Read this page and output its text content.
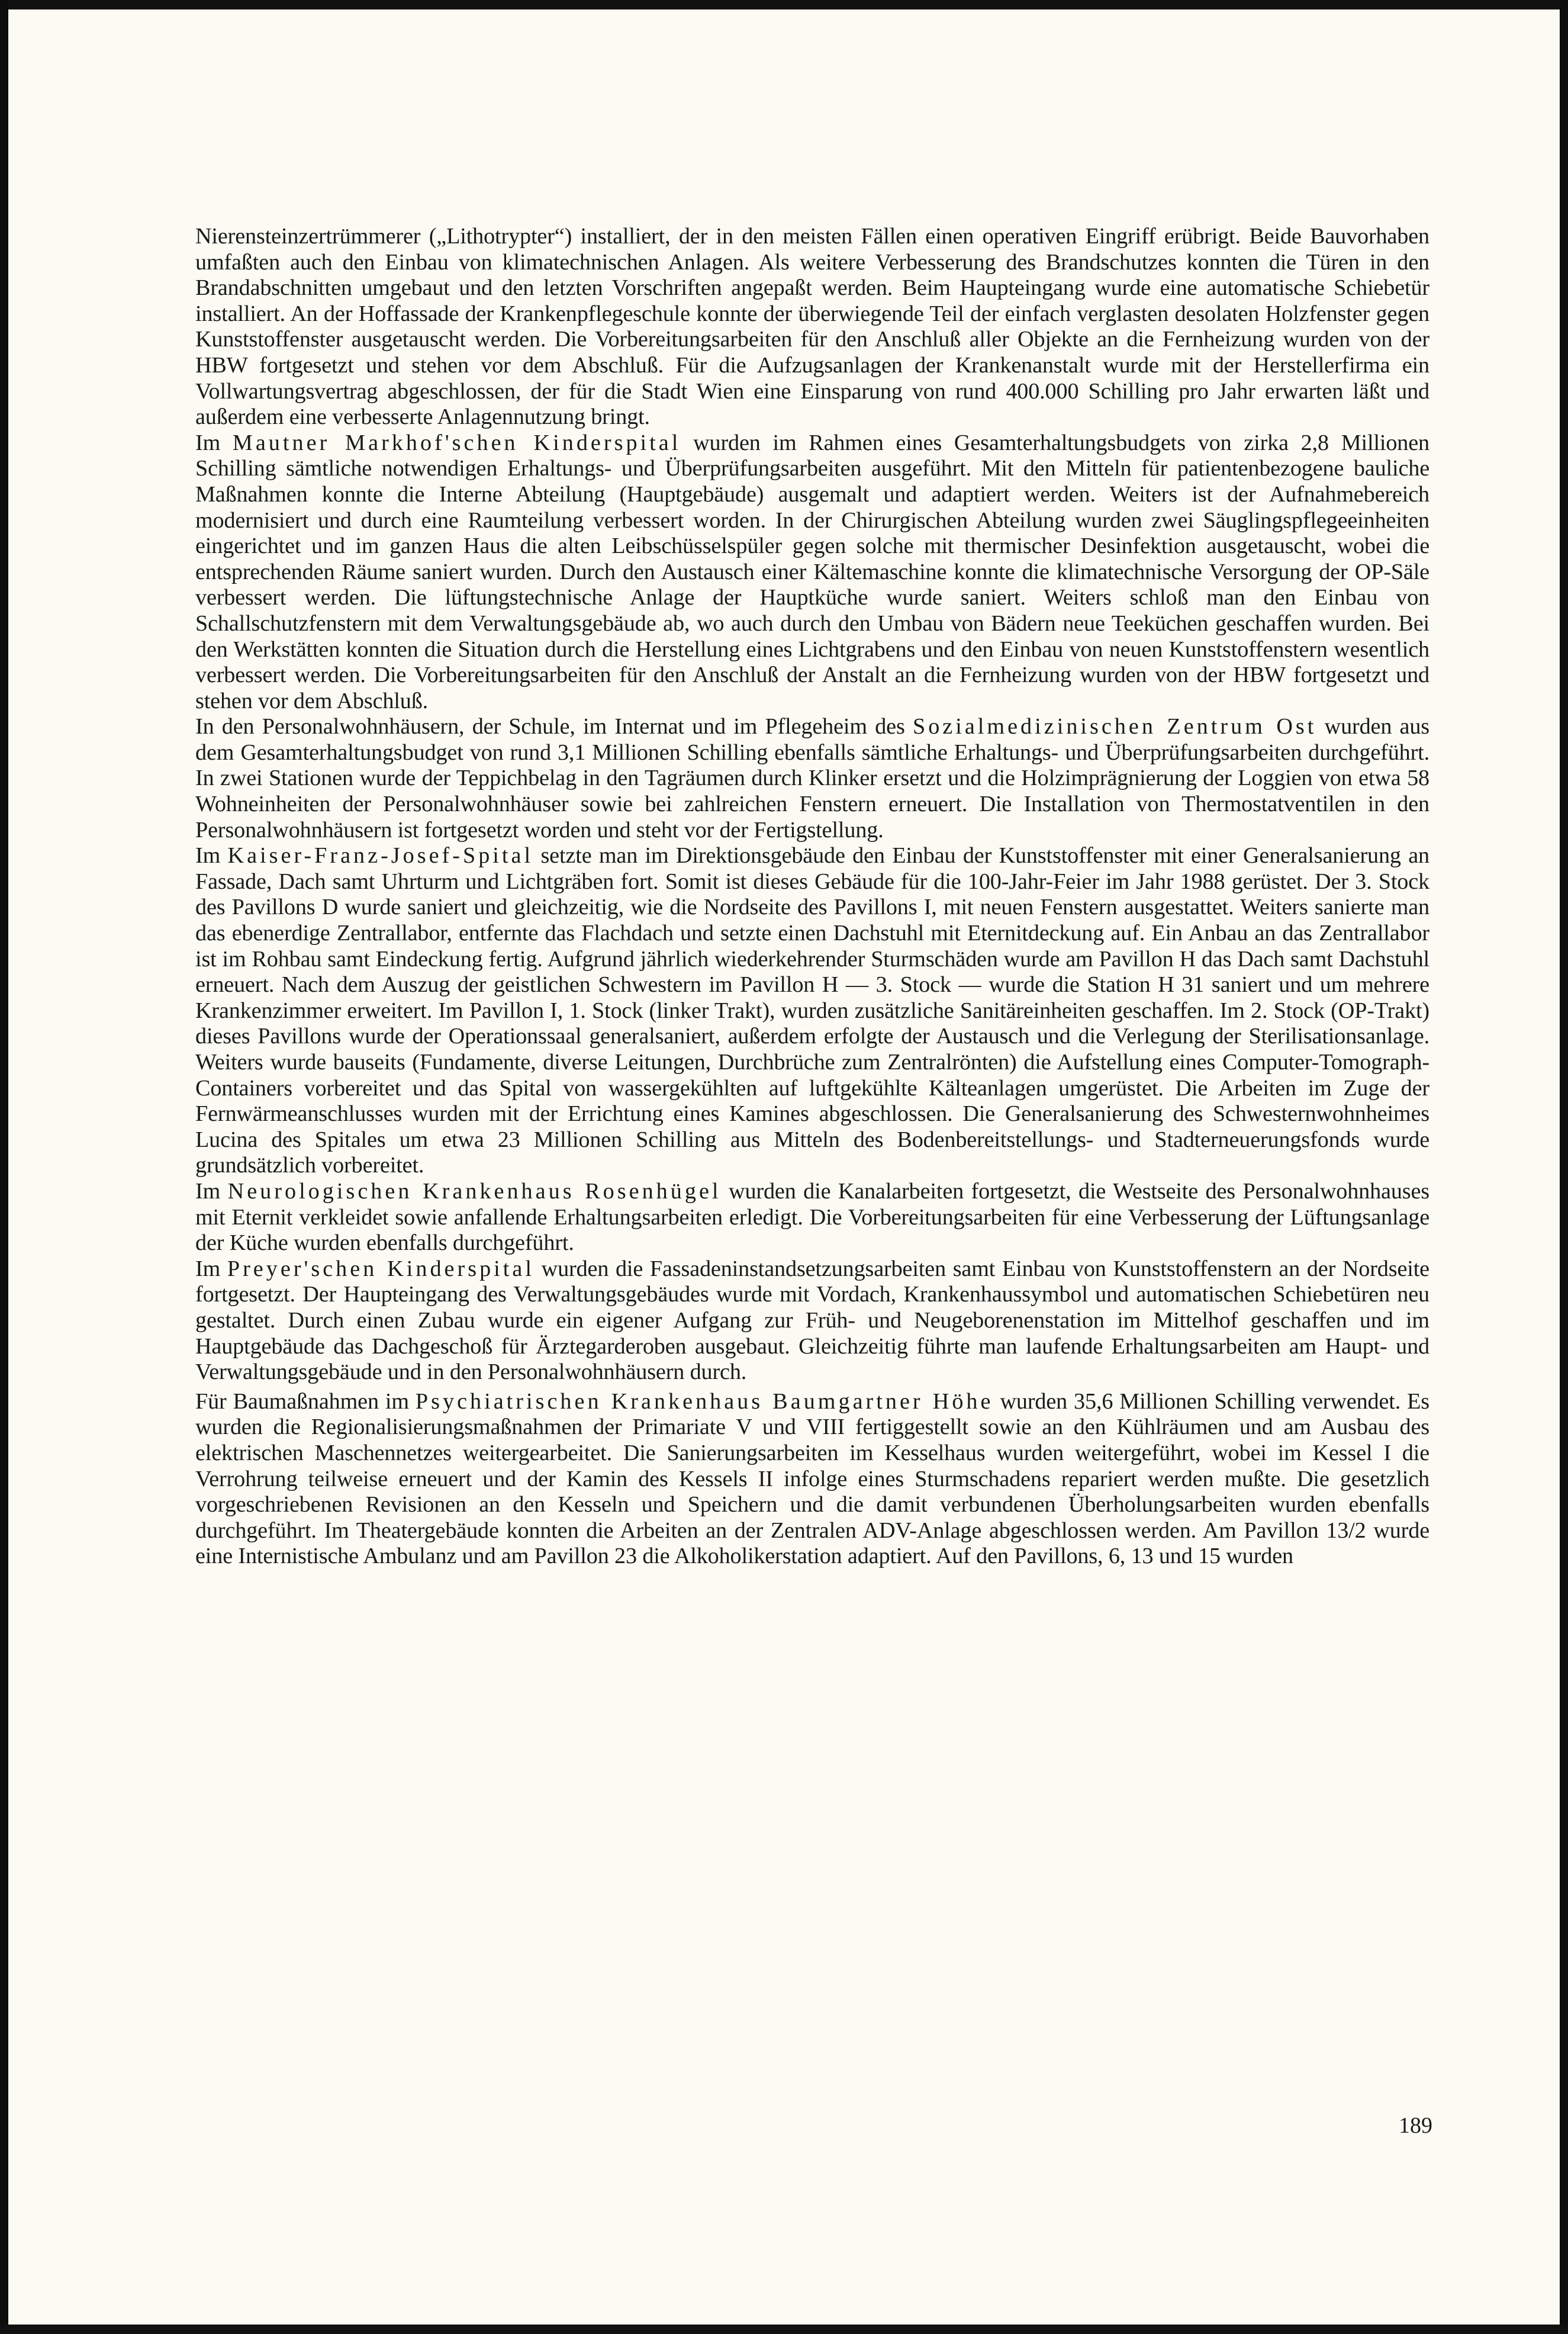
Nierensteinzertrümmerer („Lithotrypter“) installiert, der in den meisten Fällen einen operativen Eingriff erübrigt. Beide Bauvorhaben umfaßten auch den Einbau von klimatechnischen Anlagen. Als weitere Verbesserung des Brandschutzes konnten die Türen in den Brandabschnitten umgebaut und den letzten Vorschriften angepaßt werden. Beim Haupteingang wurde eine automatische Schiebetür installiert. An der Hoffassade der Krankenpflegeschule konnte der überwiegende Teil der einfach verglasten desolaten Holzfenster gegen Kunststoffenster ausgetauscht werden. Die Vorbereitungsarbeiten für den Anschluß aller Objekte an die Fernheizung wurden von der HBW fortgesetzt und stehen vor dem Abschluß. Für die Aufzugsanlagen der Krankenanstalt wurde mit der Herstellerfirma ein Vollwartungsvertrag abgeschlossen, der für die Stadt Wien eine Einsparung von rund 400.000 Schilling pro Jahr erwarten läßt und außerdem eine verbesserte Anlagennutzung bringt.

Im Mautner Markhof'schen Kinderspital wurden im Rahmen eines Gesamterhaltungsbudgets von zirka 2,8 Millionen Schilling sämtliche notwendigen Erhaltungs- und Überprüfungsarbeiten ausgeführt. Mit den Mitteln für patientenbezogene bauliche Maßnahmen konnte die Interne Abteilung (Hauptgebäude) ausgemalt und adaptiert werden. Weiters ist der Aufnahmebereich modernisiert und durch eine Raumteilung verbessert worden. In der Chirurgischen Abteilung wurden zwei Säuglingspflegeeinheiten eingerichtet und im ganzen Haus die alten Leibschüsselspüler gegen solche mit thermischer Desinfektion ausgetauscht, wobei die entsprechenden Räume saniert wurden. Durch den Austausch einer Kältemaschine konnte die klimatechnische Versorgung der OP-Säle verbessert werden. Die lüftungstechnische Anlage der Hauptküche wurde saniert. Weiters schloß man den Einbau von Schallschutzfenstern mit dem Verwaltungsgebäude ab, wo auch durch den Umbau von Bädern neue Teeküchen geschaffen wurden. Bei den Werkstätten konnten die Situation durch die Herstellung eines Lichtgrabens und den Einbau von neuen Kunststoffenstern wesentlich verbessert werden. Die Vorbereitungsarbeiten für den Anschluß der Anstalt an die Fernheizung wurden von der HBW fortgesetzt und stehen vor dem Abschluß.

In den Personalwohnhäusern, der Schule, im Internat und im Pflegeheim des Sozialmedizinischen Zentrum Ost wurden aus dem Gesamterhaltungsbudget von rund 3,1 Millionen Schilling ebenfalls sämtliche Erhaltungs- und Überprüfungsarbeiten durchgeführt. In zwei Stationen wurde der Teppichbelag in den Tagräumen durch Klinker ersetzt und die Holzimprägnierung der Loggien von etwa 58 Wohneinheiten der Personalwohnhäuser sowie bei zahlreichen Fenstern erneuert. Die Installation von Thermostatventilen in den Personalwohnhäusern ist fortgesetzt worden und steht vor der Fertigstellung.

Im Kaiser-Franz-Josef-Spital setzte man im Direktionsgebäude den Einbau der Kunststoffenster mit einer Generalsanierung an Fassade, Dach samt Uhrturm und Lichtgräben fort. Somit ist dieses Gebäude für die 100-Jahr-Feier im Jahr 1988 gerüstet. Der 3. Stock des Pavillons D wurde saniert und gleichzeitig, wie die Nordseite des Pavillons I, mit neuen Fenstern ausgestattet. Weiters sanierte man das ebenerdige Zentrallabor, entfernte das Flachdach und setzte einen Dachstuhl mit Eternitdeckung auf. Ein Anbau an das Zentrallabor ist im Rohbau samt Eindeckung fertig. Aufgrund jährlich wiederkehrender Sturmschäden wurde am Pavillon H das Dach samt Dachstuhl erneuert. Nach dem Auszug der geistlichen Schwestern im Pavillon H — 3. Stock — wurde die Station H 31 saniert und um mehrere Krankenzimmer erweitert. Im Pavillon I, 1. Stock (linker Trakt), wurden zusätzliche Sanitäreinheiten geschaffen. Im 2. Stock (OP-Trakt) dieses Pavillons wurde der Operationssaal generalsaniert, außerdem erfolgte der Austausch und die Verlegung der Sterilisationsanlage. Weiters wurde bauseits (Fundamente, diverse Leitungen, Durchbrüche zum Zentralrönten) die Aufstellung eines Computer-Tomograph-Containers vorbereitet und das Spital von wassergekühlten auf luftgekühlte Kälteanlagen umgerüstet. Die Arbeiten im Zuge der Fernwärmeanschlusses wurden mit der Errichtung eines Kamines abgeschlossen. Die Generalsanierung des Schwesternwohnheimes Lucina des Spitales um etwa 23 Millionen Schilling aus Mitteln des Bodenbereitstellungs- und Stadterneuerungsfonds wurde grundsätzlich vorbereitet.

Im Neurologischen Krankenhaus Rosenhügel wurden die Kanalarbeiten fortgesetzt, die Westseite des Personalwohnhauses mit Eternit verkleidet sowie anfallende Erhaltungsarbeiten erledigt. Die Vorbereitungsarbeiten für eine Verbesserung der Lüftungsanlage der Küche wurden ebenfalls durchgeführt.

Im Preyer'schen Kinderspital wurden die Fassadeninstandsetzungsarbeiten samt Einbau von Kunststoffenstern an der Nordseite fortgesetzt. Der Haupteingang des Verwaltungsgebäudes wurde mit Vordach, Krankenhaussymbol und automatischen Schiebetüren neu gestaltet. Durch einen Zubau wurde ein eigener Aufgang zur Früh- und Neugeborenenstation im Mittelhof geschaffen und im Hauptgebäude das Dachgeschoß für Ärztegarderoben ausgebaut. Gleichzeitig führte man laufende Erhaltungsarbeiten am Haupt- und Verwaltungsgebäude und in den Personalwohnhäusern durch.

Für Baumaßnahmen im Psychiatrischen Krankenhaus Baumgartner Höhe wurden 35,6 Millionen Schilling verwendet. Es wurden die Regionalisierungsmaßnahmen der Primariate V und VIII fertiggestellt sowie an den Kühlräumen und am Ausbau des elektrischen Maschennetzes weitergearbeitet. Die Sanierungsarbeiten im Kesselhaus wurden weitergeführt, wobei im Kessel I die Verrohrung teilweise erneuert und der Kamin des Kessels II infolge eines Sturmschadens repariert werden mußte. Die gesetzlich vorgeschriebenen Revisionen an den Kesseln und Speichern und die damit verbundenen Überholungsarbeiten wurden ebenfalls durchgeführt. Im Theatergebäude konnten die Arbeiten an der Zentralen ADV-Anlage abgeschlossen werden. Am Pavillon 13/2 wurde eine Internistische Ambulanz und am Pavillon 23 die Alkoholikerstation adaptiert. Auf den Pavillons, 6, 13 und 15 wurden

189
